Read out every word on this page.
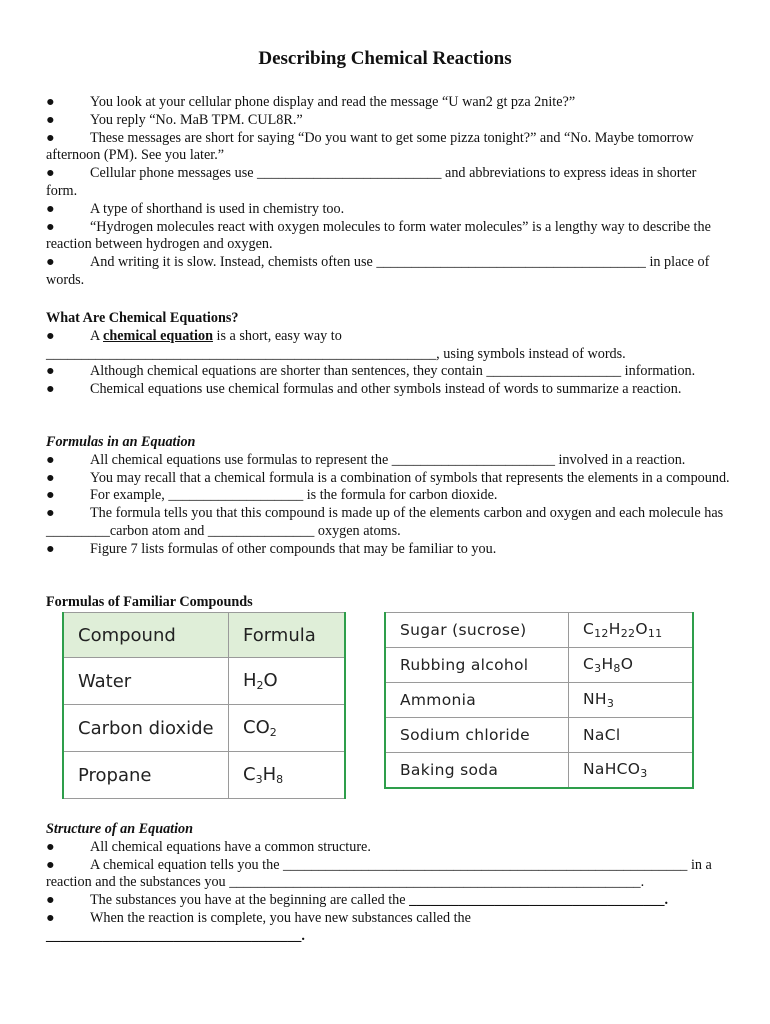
Describing Chemical Reactions

● You look at your cellular phone display and read the message “U wan2 gt pza 2nite?”

● You reply “No. MaB TPM. CUL8R.”

● These messages are short for saying “Do you want to get some pizza tonight?” and “No. Maybe tomorrow afternoon (PM). See you later.”

● Cellular phone messages use __________________________ and abbreviations to express ideas in shorter form.

● A type of shorthand is used in chemistry too.

● “Hydrogen molecules react with oxygen molecules to form water molecules” is a lengthy way to describe the reaction between hydrogen and oxygen.

● And writing it is slow. Instead, chemists often use ______________________________________ in place of words.

What Are Chemical Equations?

● A chemical equation is a short, easy way to _______________________________________________________, using symbols instead of words.

● Although chemical equations are shorter than sentences, they contain ___________________ information.

● Chemical equations use chemical formulas and other symbols instead of words to summarize a reaction.

Formulas in an Equation

● All chemical equations use formulas to represent the _______________________ involved in a reaction.

● You may recall that a chemical formula is a combination of symbols that represents the elements in a compound.

● For example, ___________________ is the formula for carbon dioxide.

● The formula tells you that this compound is made up of the elements carbon and oxygen and each molecule has _________carbon atom and _______________ oxygen atoms.

● Figure 7 lists formulas of other compounds that may be familiar to you.

Formulas of Familiar Compounds

Compound	Formula
Water	$H_2O$
Carbon dioxide	$CO_2$
Propane	$C_3H_8$
Sugar (sucrose)	$C_{12}H_{22}O_{11}$
Rubbing alcohol	$C_3H_8O$
Ammonia	$NH_3$
Sodium chloride	NaCl
Baking soda	NaHCO$_3$

Structure of an Equation

● All chemical equations have a common structure.

● A chemical equation tells you the _________________________________________________________ in a reaction and the substances you __________________________________________________________.

● The substances you have at the beginning are called the ____________________________________.

● When the reaction is complete, you have new substances called the
____________________________________.
